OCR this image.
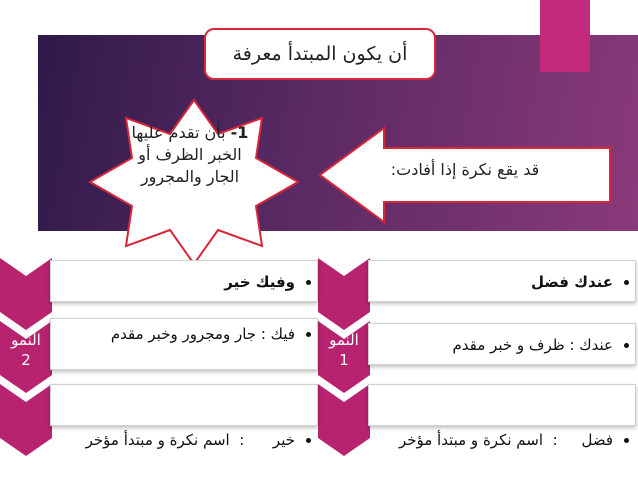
أن يكون المبتدأ معرفة
1- بأن تقدم عليها الخبر الظرف أو الجار والمجرور	قد يقع نكرة إذا أفادت:
النمو
1
النمو
2
• عندك فضل
• عندك : ظرف و خبر مقدم

• فضل     :  اسم نكرة و مبتدأ مؤخر

• وفيك خير
• فيك : جار ومجرور وخبر مقدم

• خير      :  اسم نكرة و مبتدأ مؤخر
